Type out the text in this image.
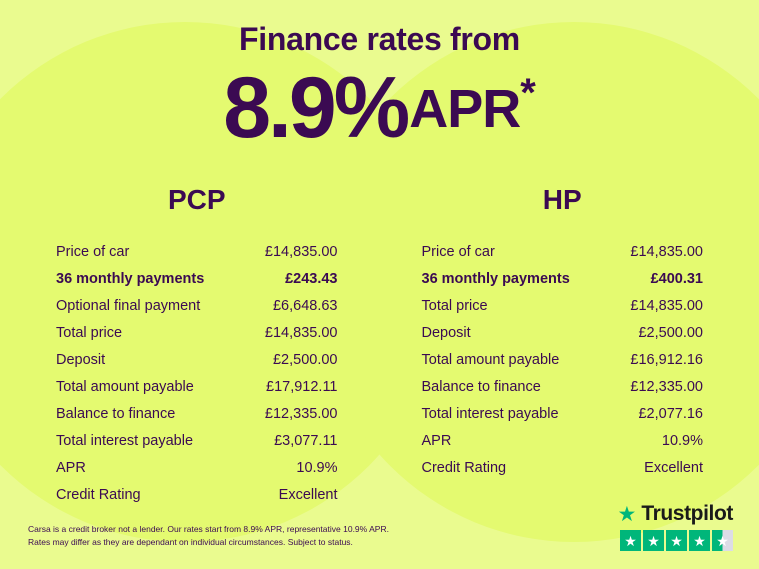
Finance rates from
8.9%APR*
PCP
Price of car	£14,835.00
36 monthly payments	£243.43
Optional final payment	£6,648.63
Total price	£14,835.00
Deposit	£2,500.00
Total amount payable	£17,912.11
Balance to finance	£12,335.00
Total interest payable	£3,077.11
APR	10.9%
Credit Rating	Excellent
HP
Price of car	£14,835.00
36 monthly payments	£400.31
Total price	£14,835.00
Deposit	£2,500.00
Total amount payable	£16,912.16
Balance to finance	£12,335.00
Total interest payable	£2,077.16
APR	10.9%
Credit Rating	Excellent
Carsa is a credit broker not a lender. Our rates start from 8.9% APR, representative 10.9% APR.
Rates may differ as they are dependant on individual circumstances. Subject to status.
★ Trustpilot
★ ★ ★ ★ ★
